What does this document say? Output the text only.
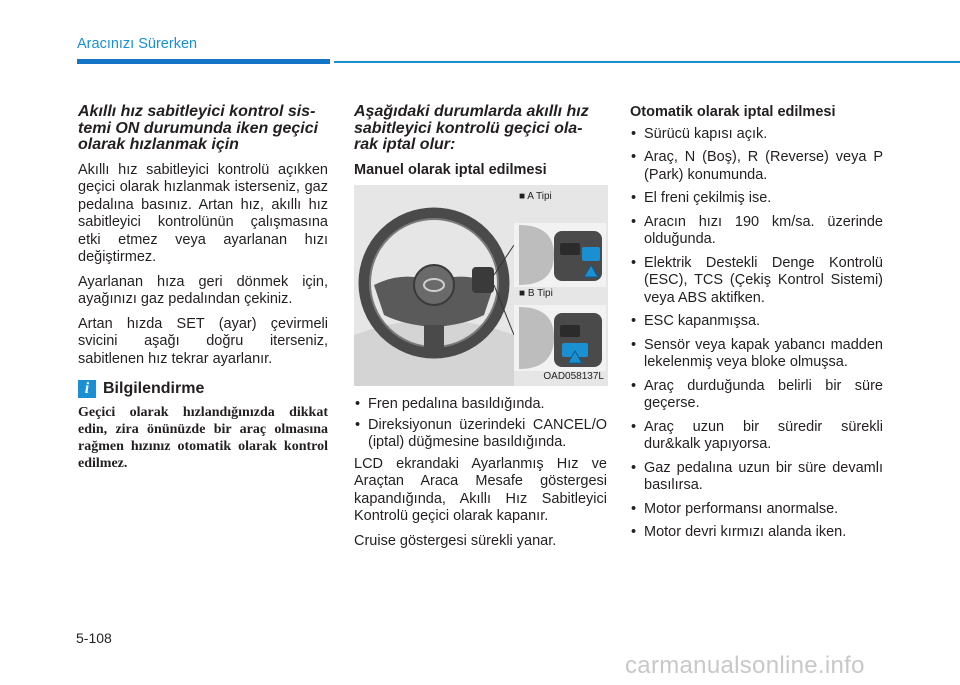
Aracınızı Sürerken
Akıllı hız sabitleyici kontrol sis-
temi ON durumunda iken geçici
olarak hızlanmak için

Akıllı hız sabitleyici kontrolü açıkken geçici olarak hızlanmak isterseniz, gaz pedalına basınız. Artan hız, akıllı hız sabitleyici kontrolünün çalışmasına etki etmez veya ayarlanan hızı değiştirmez.

Ayarlanan hıza geri dönmek için, ayağınızı gaz pedalından çekiniz.

Artan hızda SET (ayar) çevirmeli svicini aşağı doğru iterseniz, sabitlenen hız tekrar ayarlanır.

i Bilgilendirme

Geçici olarak hızlandığınızda dikkat edin, zira önünüzde bir araç olmasına rağmen hızınız otomatik olarak kontrol edilmez.

Aşağıdaki durumlarda akıllı hız
sabitleyici kontrolü geçici ola-
rak iptal olur:
Manuel olarak iptal edilmesi
■ A Tipi
■ B Tipi
OAD058137L
• Fren pedalına basıldığında.
• Direksiyonun üzerindeki CANCEL/O (iptal) düğmesine basıldığında.

LCD ekrandaki Ayarlanmış Hız ve Araçtan Araca Mesafe göstergesi kapandığında, Akıllı Hız Sabitleyici Kontrolü geçici olarak kapanır.

Cruise göstergesi sürekli yanar.

Otomatik olarak iptal edilmesi
• Sürücü kapısı açık.
• Araç, N (Boş), R (Reverse) veya P (Park) konumunda.
• El freni çekilmiş ise.
• Aracın hızı 190 km/sa. üzerinde olduğunda.
• Elektrik Destekli Denge Kontrolü (ESC), TCS (Çekiş Kontrol Sistemi) veya ABS aktifken.
• ESC kapanmışsa.
• Sensör veya kapak yabancı madden lekelenmiş veya bloke olmuşsa.
• Araç durduğunda belirli bir süre geçerse.
• Araç uzun bir süredir sürekli dur&kalk yapıyorsa.
• Gaz pedalına uzun bir süre devamlı basılırsa.
• Motor performansı anormalse.
• Motor devri kırmızı alanda iken.
5-108
carmanualsonline.info
